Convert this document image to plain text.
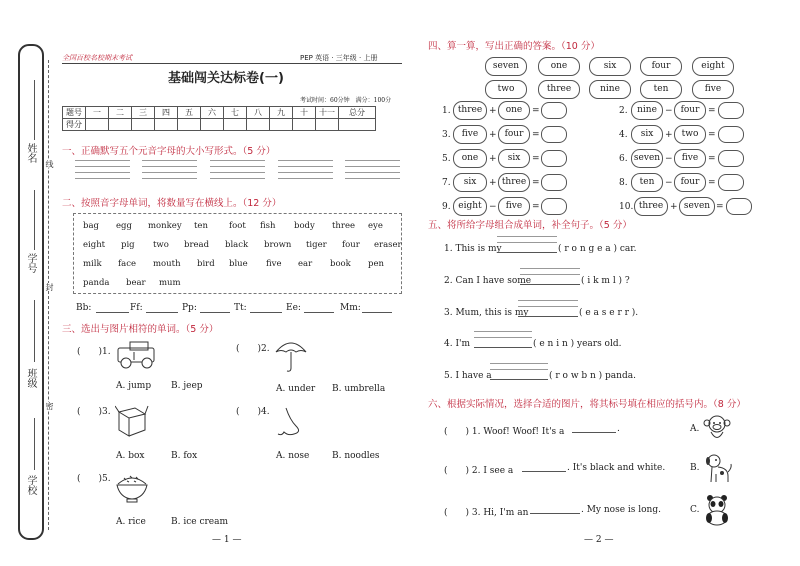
姓名
线
学号
封
班级
密
学校
全国百校名校期末考试	PEP 英语 · 三年级 · 上册
基础闯关达标卷(一)
考试时间：60分钟　满分：100分
题号	一	二	三	四	五	六	七	八	九	十	十一	总分
得分												
一、正确默写五个元音字母的大小写形式。（5 分）
二、按照音字母单词，将数量写在横线上。（12 分）
bag egg monkey ten foot fish body three eye
eight pig two bread black brown tiger four eraser
milk face mouth bird blue five ear book pen
panda bear mum
Bb:	Ff:	Pp:	Tt:	Ee:	Mm:
三、选出与图片相符的单词。（5 分）
(　　)1.
A. jump B. jeep
(　　)2.
A. under B. umbrella
(　　)3.
A. box	B. fox
(　　)4.
A. nose	B. noodles
(　　)5.
A. rice	B. ice cream
— 1 —
四、算一算，写出正确的答案。（10 分）
seven	one	six	four	eight
two	three	nine	ten	five
1. three +	one	=
3.	five	+ four =
5.	one	+	six	=
7.	six	+ three =
9. eight −	five	=
2.	nine − four =
4.	six	+	two	=
6. seven −	five	=
8.	ten	− four =
10. three + seven =
五、将所给字母组合成单词，补全句子。（5 分）
1. This is my	( r o n g e a ) car.
2. Can I have some	( i k m l ) ?
3. Mum, this is my	( e a s e r r ).
4. I'm	( e n i n ) years old.
5. I have a	( r o w b n ) panda.
六、根据实际情况，选择合适的图片，将其标号填在相应的括号内。（8 分）
(　　) 1. Woof! Woof! It's a	.	A.
(　　) 2. I see a	. It's black and white.	B.
(　　) 3. Hi, I'm an	. My nose is long.	C.
— 2 —
